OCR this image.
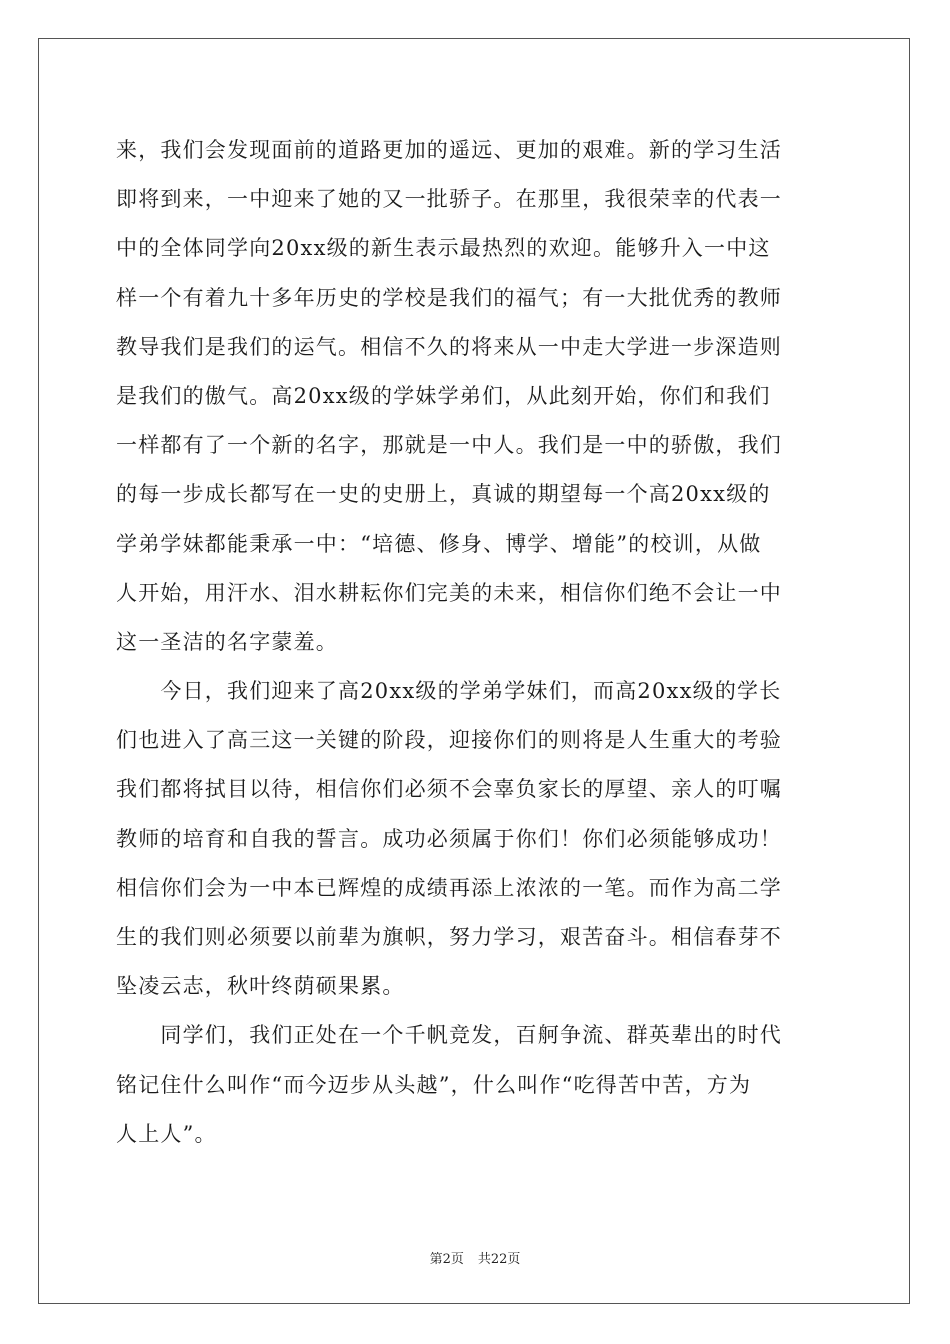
来，我们会发现面前的道路更加的遥远、更加的艰难。新的学习生活
即将到来，一中迎来了她的又一批骄子。在那里，我很荣幸的代表一
中的全体同学向20xx级的新生表示最热烈的欢迎。能够升入一中这
样一个有着九十多年历史的学校是我们的福气；有一大批优秀的教师
教导我们是我们的运气。相信不久的将来从一中走大学进一步深造则
是我们的傲气。高20xx级的学妹学弟们，从此刻开始，你们和我们
一样都有了一个新的名字，那就是一中人。我们是一中的骄傲，我们
的每一步成长都写在一史的史册上，真诚的期望每一个高20xx级的
学弟学妹都能秉承一中：“培德、修身、博学、增能”的校训，从做
人开始，用汗水、泪水耕耘你们完美的未来，相信你们绝不会让一中
这一圣洁的名字蒙羞。
　　今日，我们迎来了高20xx级的学弟学妹们，而高20xx级的学长
们也进入了高三这一关键的阶段，迎接你们的则将是人生重大的考验
我们都将拭目以待，相信你们必须不会辜负家长的厚望、亲人的叮嘱
教师的培育和自我的誓言。成功必须属于你们！你们必须能够成功！
相信你们会为一中本已辉煌的成绩再添上浓浓的一笔。而作为高二学
生的我们则必须要以前辈为旗帜，努力学习，艰苦奋斗。相信春芽不
坠凌云志，秋叶终荫硕果累。
　　同学们，我们正处在一个千帆竞发，百舸争流、群英辈出的时代
铭记住什么叫作“而今迈步从头越”，什么叫作“吃得苦中苦，方为
人上人”。
第2页 共22页
